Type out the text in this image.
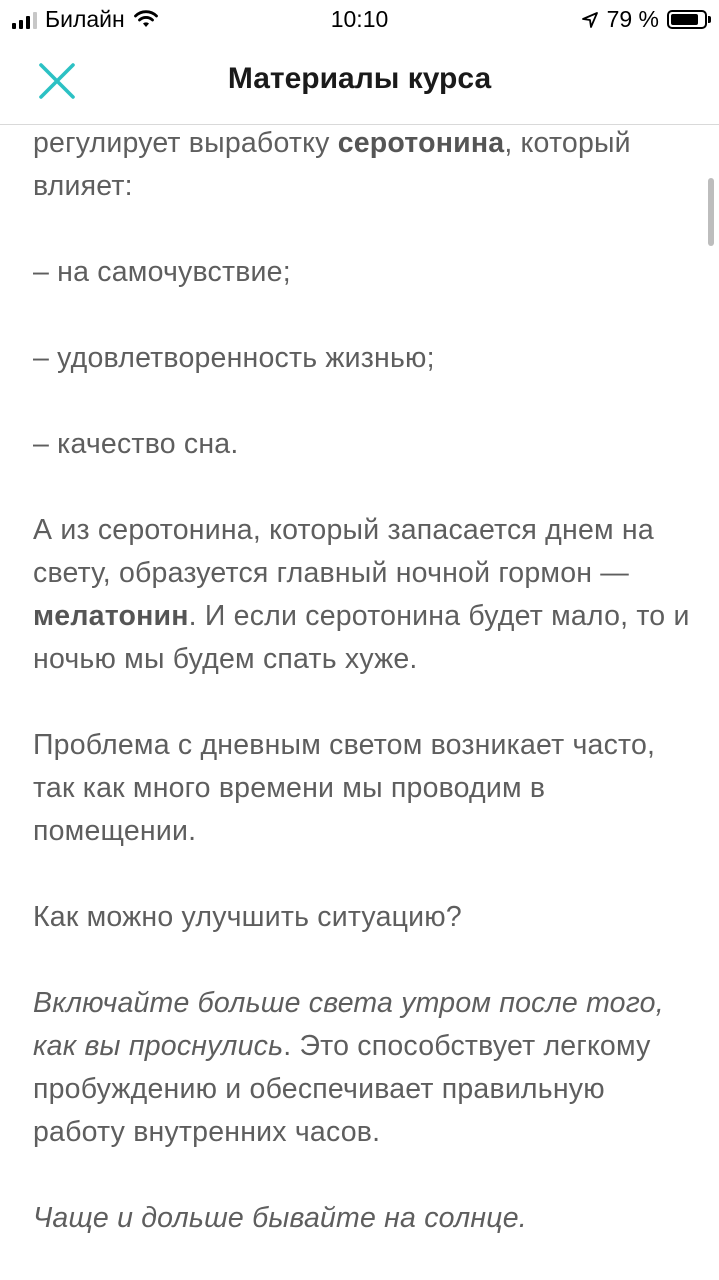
Билайн	10:10	79 %
Материалы курса

регулирует выработку серотонина, который влияет:

– на самочувствие;

– удовлетворенность жизнью;

– качество сна.

А из серотонина, который запасается днем на свету, образуется главный ночной гормон — мелатонин. И если серотонина будет мало, то и ночью мы будем спать хуже.

Проблема с дневным светом возникает часто, так как много времени мы проводим в помещении.

Как можно улучшить ситуацию?

Включайте больше света утром после того, как вы проснулись. Это способствует легкому пробуждению и обеспечивает правильную работу внутренних часов.

Чаще и дольше бывайте на солнце.
